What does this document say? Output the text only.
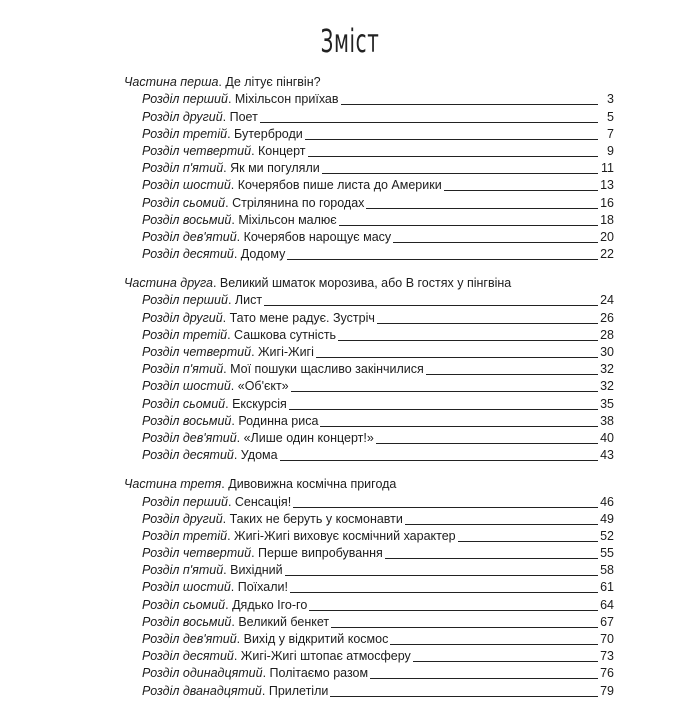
Зміст
Частина перша. Де літує пінгвін?
Розділ перший. Міхільсон приїхав	3
Розділ другий. Поет	5
Розділ третій. Бутерброди	7
Розділ четвертий. Концерт	9
Розділ п'ятий. Як ми погуляли	11
Розділ шостий. Кочерябов пише листа до Америки	13
Розділ сьомий. Стрілянина по городах	16
Розділ восьмий. Міхільсон малює	18
Розділ дев'ятий. Кочерябов нарощує масу	20
Розділ десятий. Додому	22
Частина друга. Великий шматок морозива, або В гостях у пінгвіна
Розділ перший. Лист	24
Розділ другий. Тато мене радує. Зустріч	26
Розділ третій. Сашкова сутність	28
Розділ четвертий. Жигі-Жигі	30
Розділ п'ятий. Мої пошуки щасливо закінчилися	32
Розділ шостий. «Об'єкт»	32
Розділ сьомий. Екскурсія	35
Розділ восьмий. Родинна риса	38
Розділ дев'ятий. «Лише один концерт!»	40
Розділ десятий. Удома	43
Частина третя. Дивовижна космічна пригода
Розділ перший. Сенсація!	46
Розділ другий. Таких не беруть у космонавти	49
Розділ третій. Жигі-Жигі виховує космічний характер	52
Розділ четвертий. Перше випробування	55
Розділ п'ятий. Вихідний	58
Розділ шостий. Поїхали!	61
Розділ сьомий. Дядько Іго-го	64
Розділ восьмий. Великий бенкет	67
Розділ дев'ятий. Вихід у відкритий космос	70
Розділ десятий. Жигі-Жигі штопає атмосферу	73
Розділ одинадцятий. Політаємо разом	76
Розділ дванадцятий. Прилетіли	79
